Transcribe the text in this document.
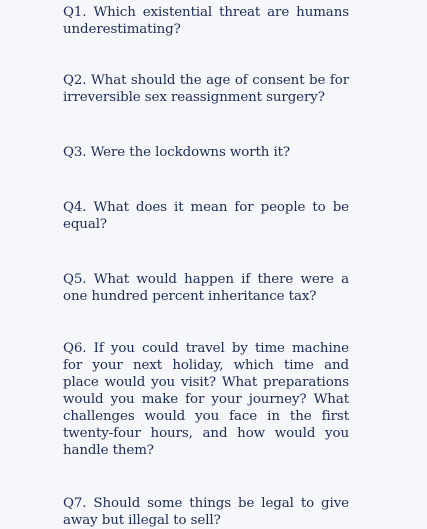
Q1. Which existential threat are humans underestimating?

Q2. What should the age of consent be for irreversible sex reassignment surgery?

Q3. Were the lockdowns worth it?

Q4. What does it mean for people to be equal?

Q5. What would happen if there were a one hundred percent inheritance tax?

Q6. If you could travel by time machine for your next holiday, which time and place would you visit? What preparations would you make for your journey? What challenges would you face in the first twenty-four hours, and how would you handle them?

Q7. Should some things be legal to give away but illegal to sell?
